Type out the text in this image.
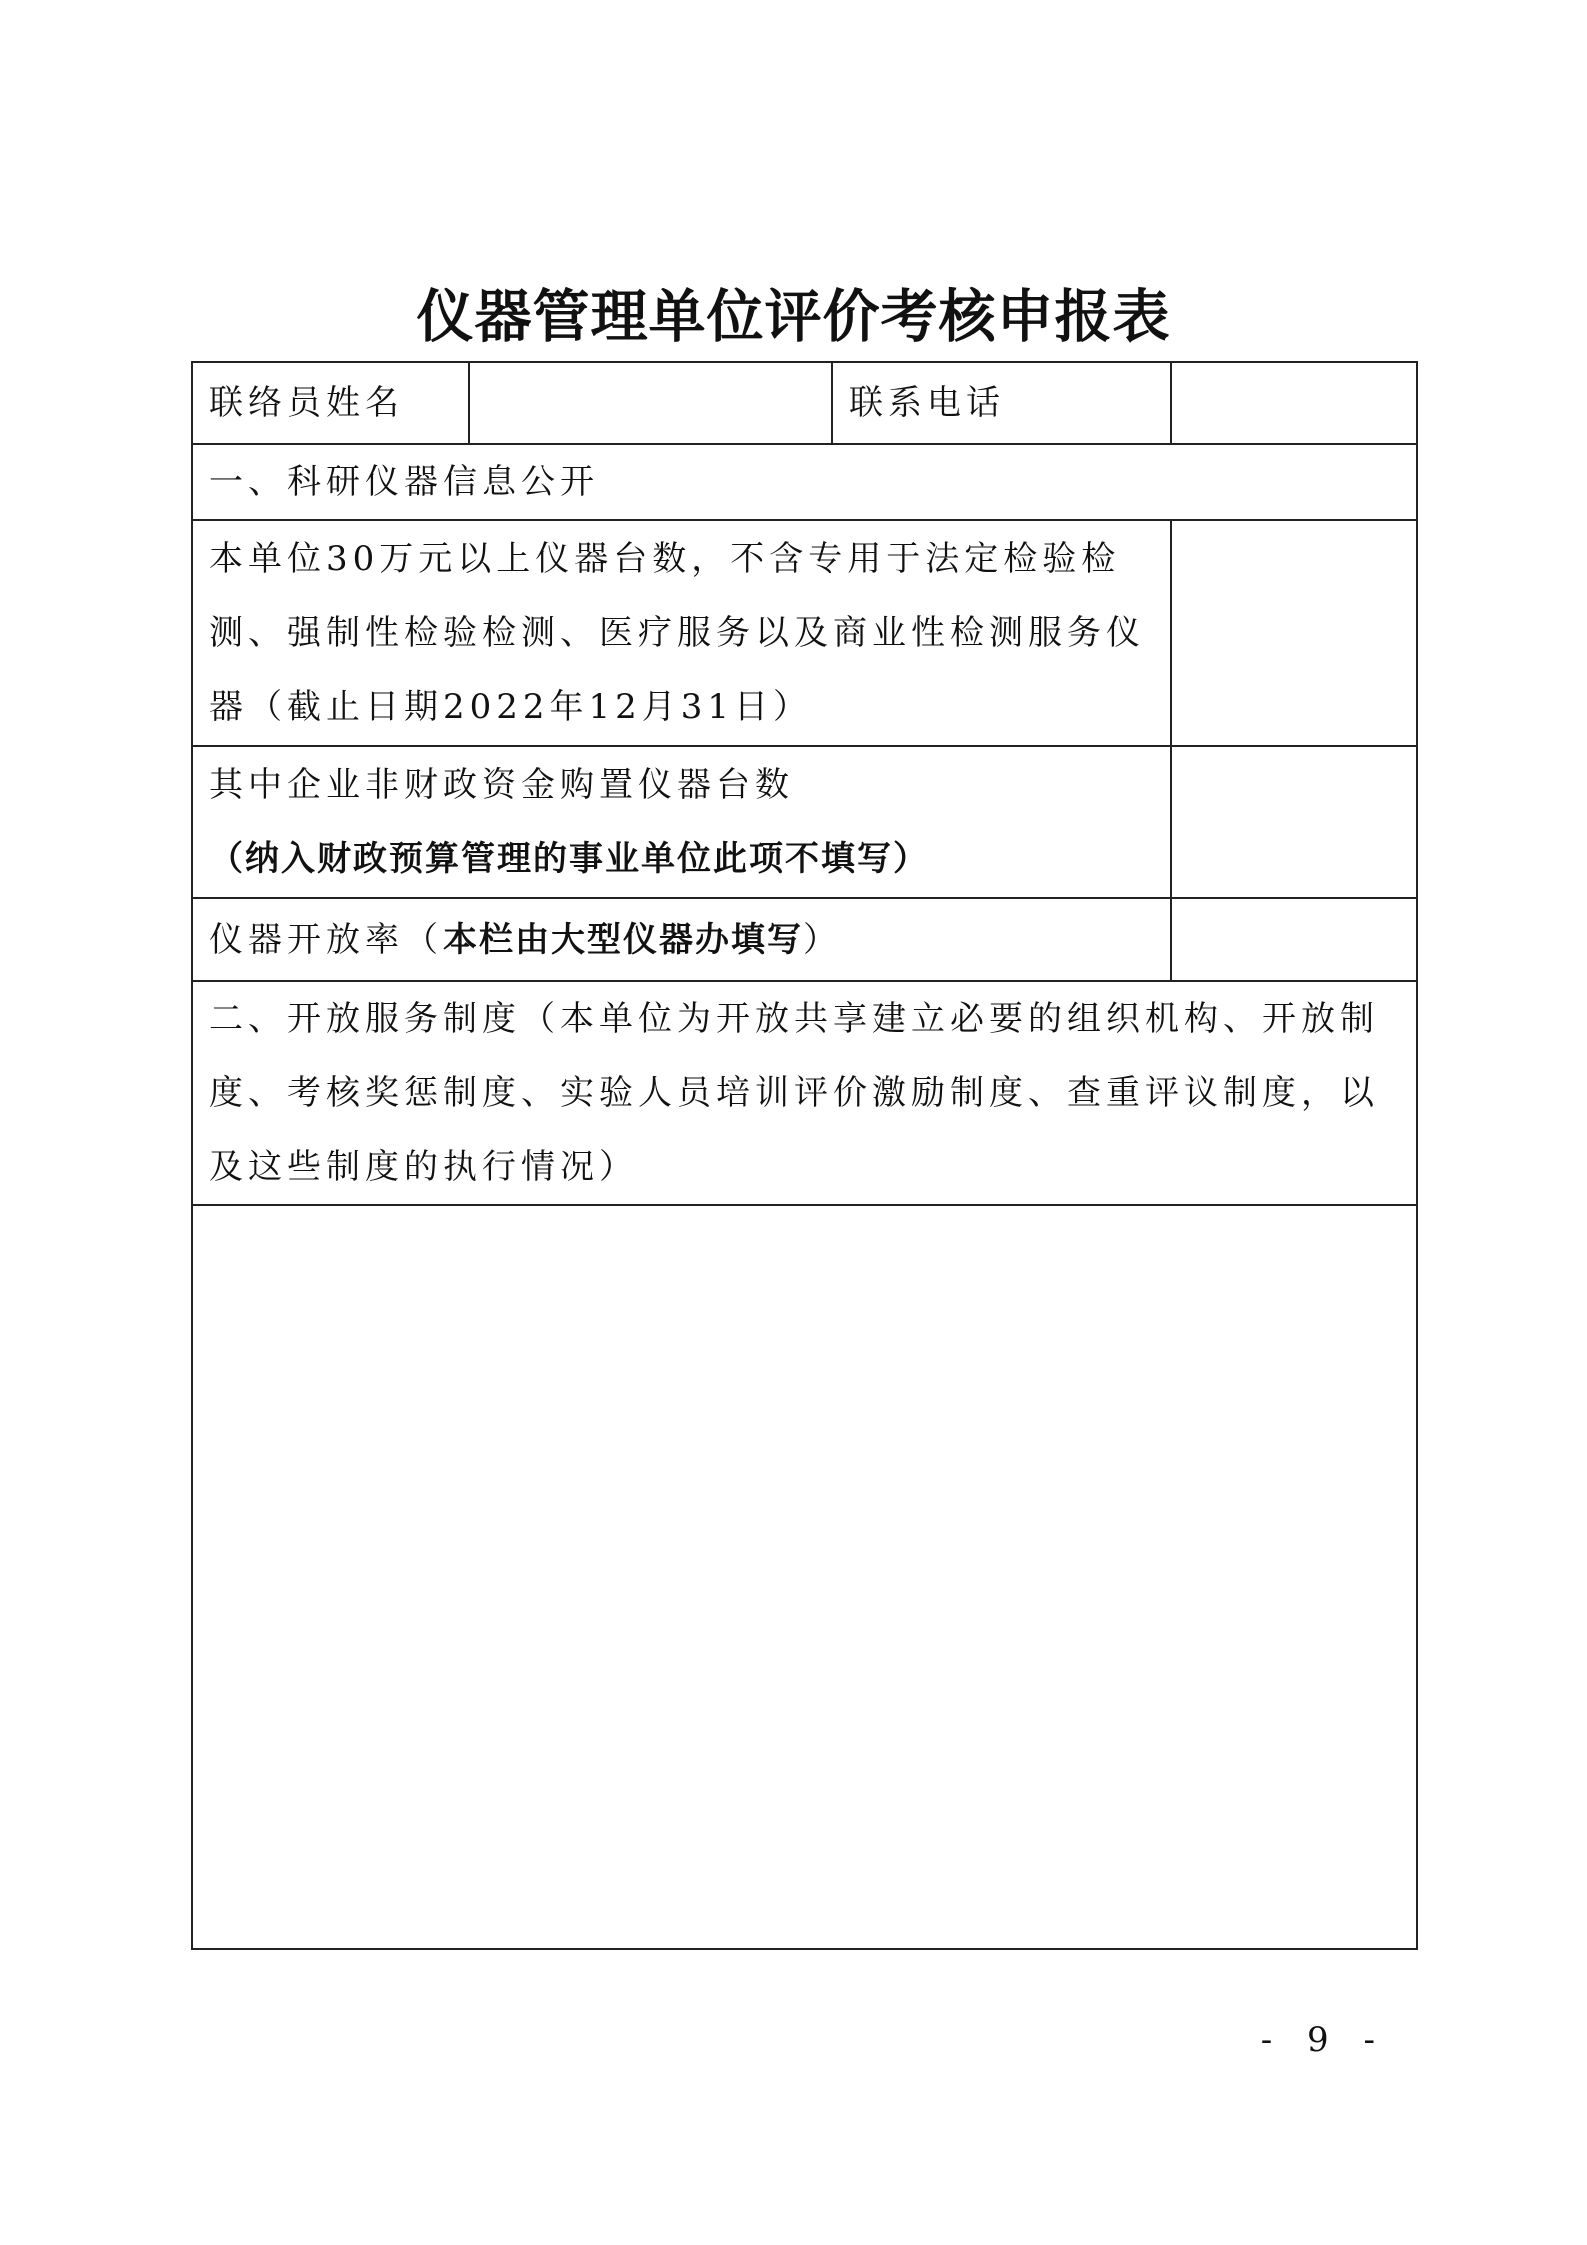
仪器管理单位评价考核申报表
联络员姓名		联系电话	
一、科研仪器信息公开			
本单位30万元以上仪器台数，不含专用于法定检验检测、强制性检验检测、医疗服务以及商业性检测服务仪器（截止日期2022年12月31日）			

其中企业非财政资金购置仪器台数
（纳入财政预算管理的事业单位此项不填写）			

仪器开放率（本栏由大型仪器办填写）			
二、开放服务制度（本单位为开放共享建立必要的组织机构、开放制度、考核奖惩制度、实验人员培训评价激励制度、查重评议制度，以及这些制度的执行情况）			

- 9 -
